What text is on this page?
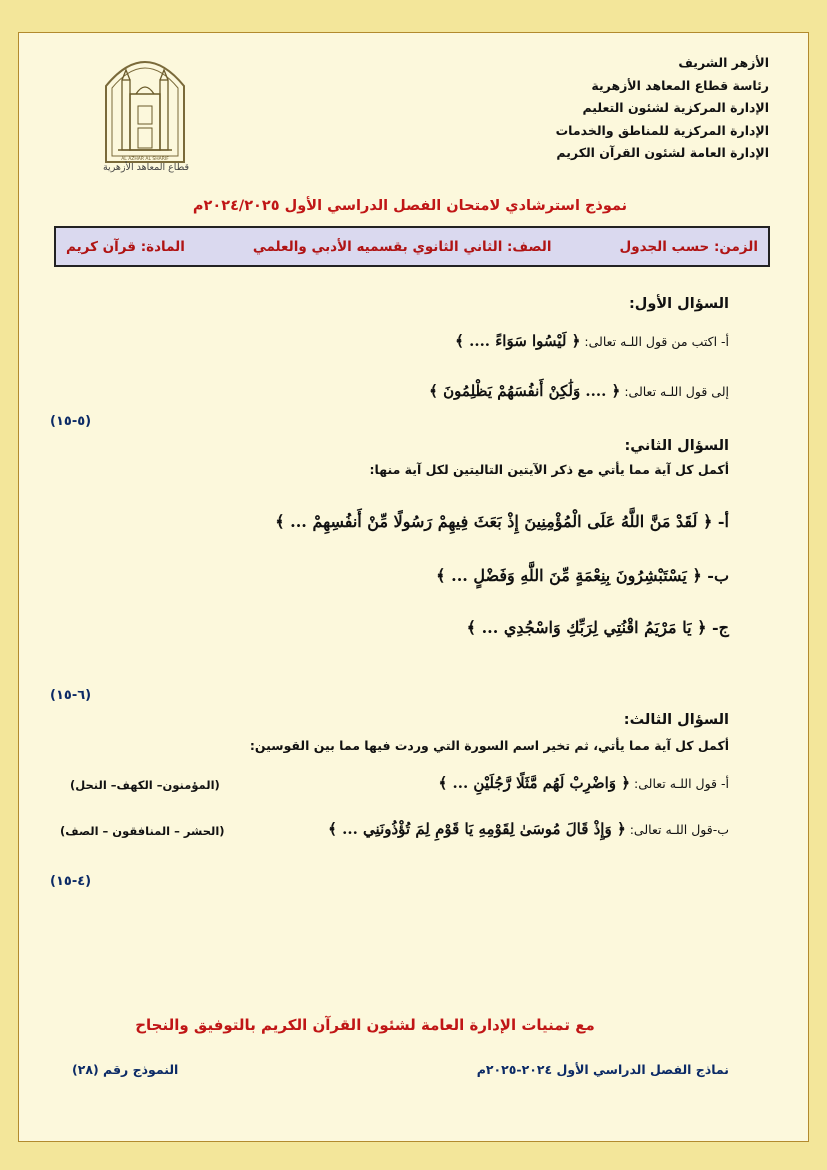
الأزهر الشريف
رئاسة قطاع المعاهد الأزهرية
الإدارة المركزية لشئون التعليم
الإدارة المركزية للمناطق والخدمات
الإدارة العامة لشئون القرآن الكريم
AL AZHAR AL SHARIF
قطاع المعاهد الأزهرية
نموذج استرشادي لامتحان الفصل الدراسي الأول ٢٠٢٤/٢٠٢٥م
المادة: قرآن كريم	الصف: الثاني الثانوي بقسميه الأدبي والعلمي	الزمن: حسب الجدول
السؤال الأول:
أ- اكتب من قول اللـه تعالى: ﴿ لَيْسُوا سَوَاءً .... ﴾
إلى قول اللـه تعالى: ﴿ .... وَلَٰكِنْ أَنفُسَهُمْ يَظْلِمُونَ ﴾
(٥-١٥)
السؤال الثاني:
أكمل كل آية مما يأتي مع ذكر الآيتين التاليتين لكل آية منها:
أ- ﴿ لَقَدْ مَنَّ اللَّهُ عَلَى الْمُؤْمِنِينَ إِذْ بَعَثَ فِيهِمْ رَسُولًا مِّنْ أَنفُسِهِمْ ... ﴾
ب- ﴿ يَسْتَبْشِرُونَ بِنِعْمَةٍ مِّنَ اللَّهِ وَفَضْلٍ ... ﴾
ج- ﴿ يَا مَرْيَمُ اقْنُتِي لِرَبِّكِ وَاسْجُدِي ... ﴾
(٦-١٥)
السؤال الثالث:
أكمل كل آية مما يأتي، ثم تخير اسم السورة التي وردت فيها مما بين القوسين:
أ- قول اللـه تعالى: ﴿ وَاضْرِبْ لَهُم مَّثَلًا رَّجُلَيْنِ ... ﴾
(المؤمنون– الكهف– النحل)
ب-قول اللـه تعالى: ﴿ وَإِذْ قَالَ مُوسَىٰ لِقَوْمِهِ يَا قَوْمِ لِمَ تُؤْذُونَنِي ... ﴾
(الحشر – المنافقون – الصف)
(٤-١٥)
مع تمنيات الإدارة العامة لشئون القرآن الكريم بالتوفيق والنجاح
النموذج رقم (٢٨)	نماذج الفصل الدراسي الأول ٢٠٢٤-٢٠٢٥م
